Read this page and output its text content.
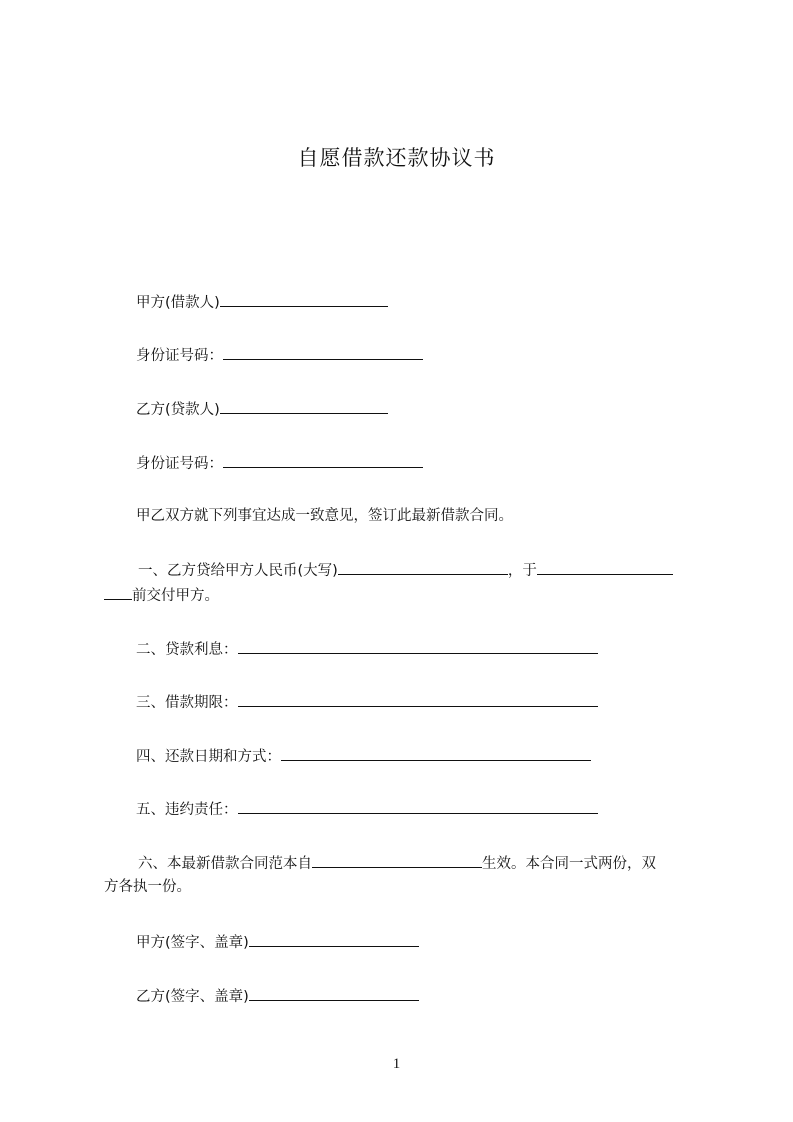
自愿借款还款协议书
甲方(借款人)
身份证号码：
乙方(贷款人)
身份证号码：
甲乙双方就下列事宜达成一致意见，签订此最新借款合同。
一、乙方贷给甲方人民币(大写)	，于
前交付甲方。
二、贷款利息：
三、借款期限：
四、还款日期和方式：
五、违约责任：
六、本最新借款合同范本自	生效。本合同一式两份，双
方各执一份。
甲方(签字、盖章)
乙方(签字、盖章)
1
